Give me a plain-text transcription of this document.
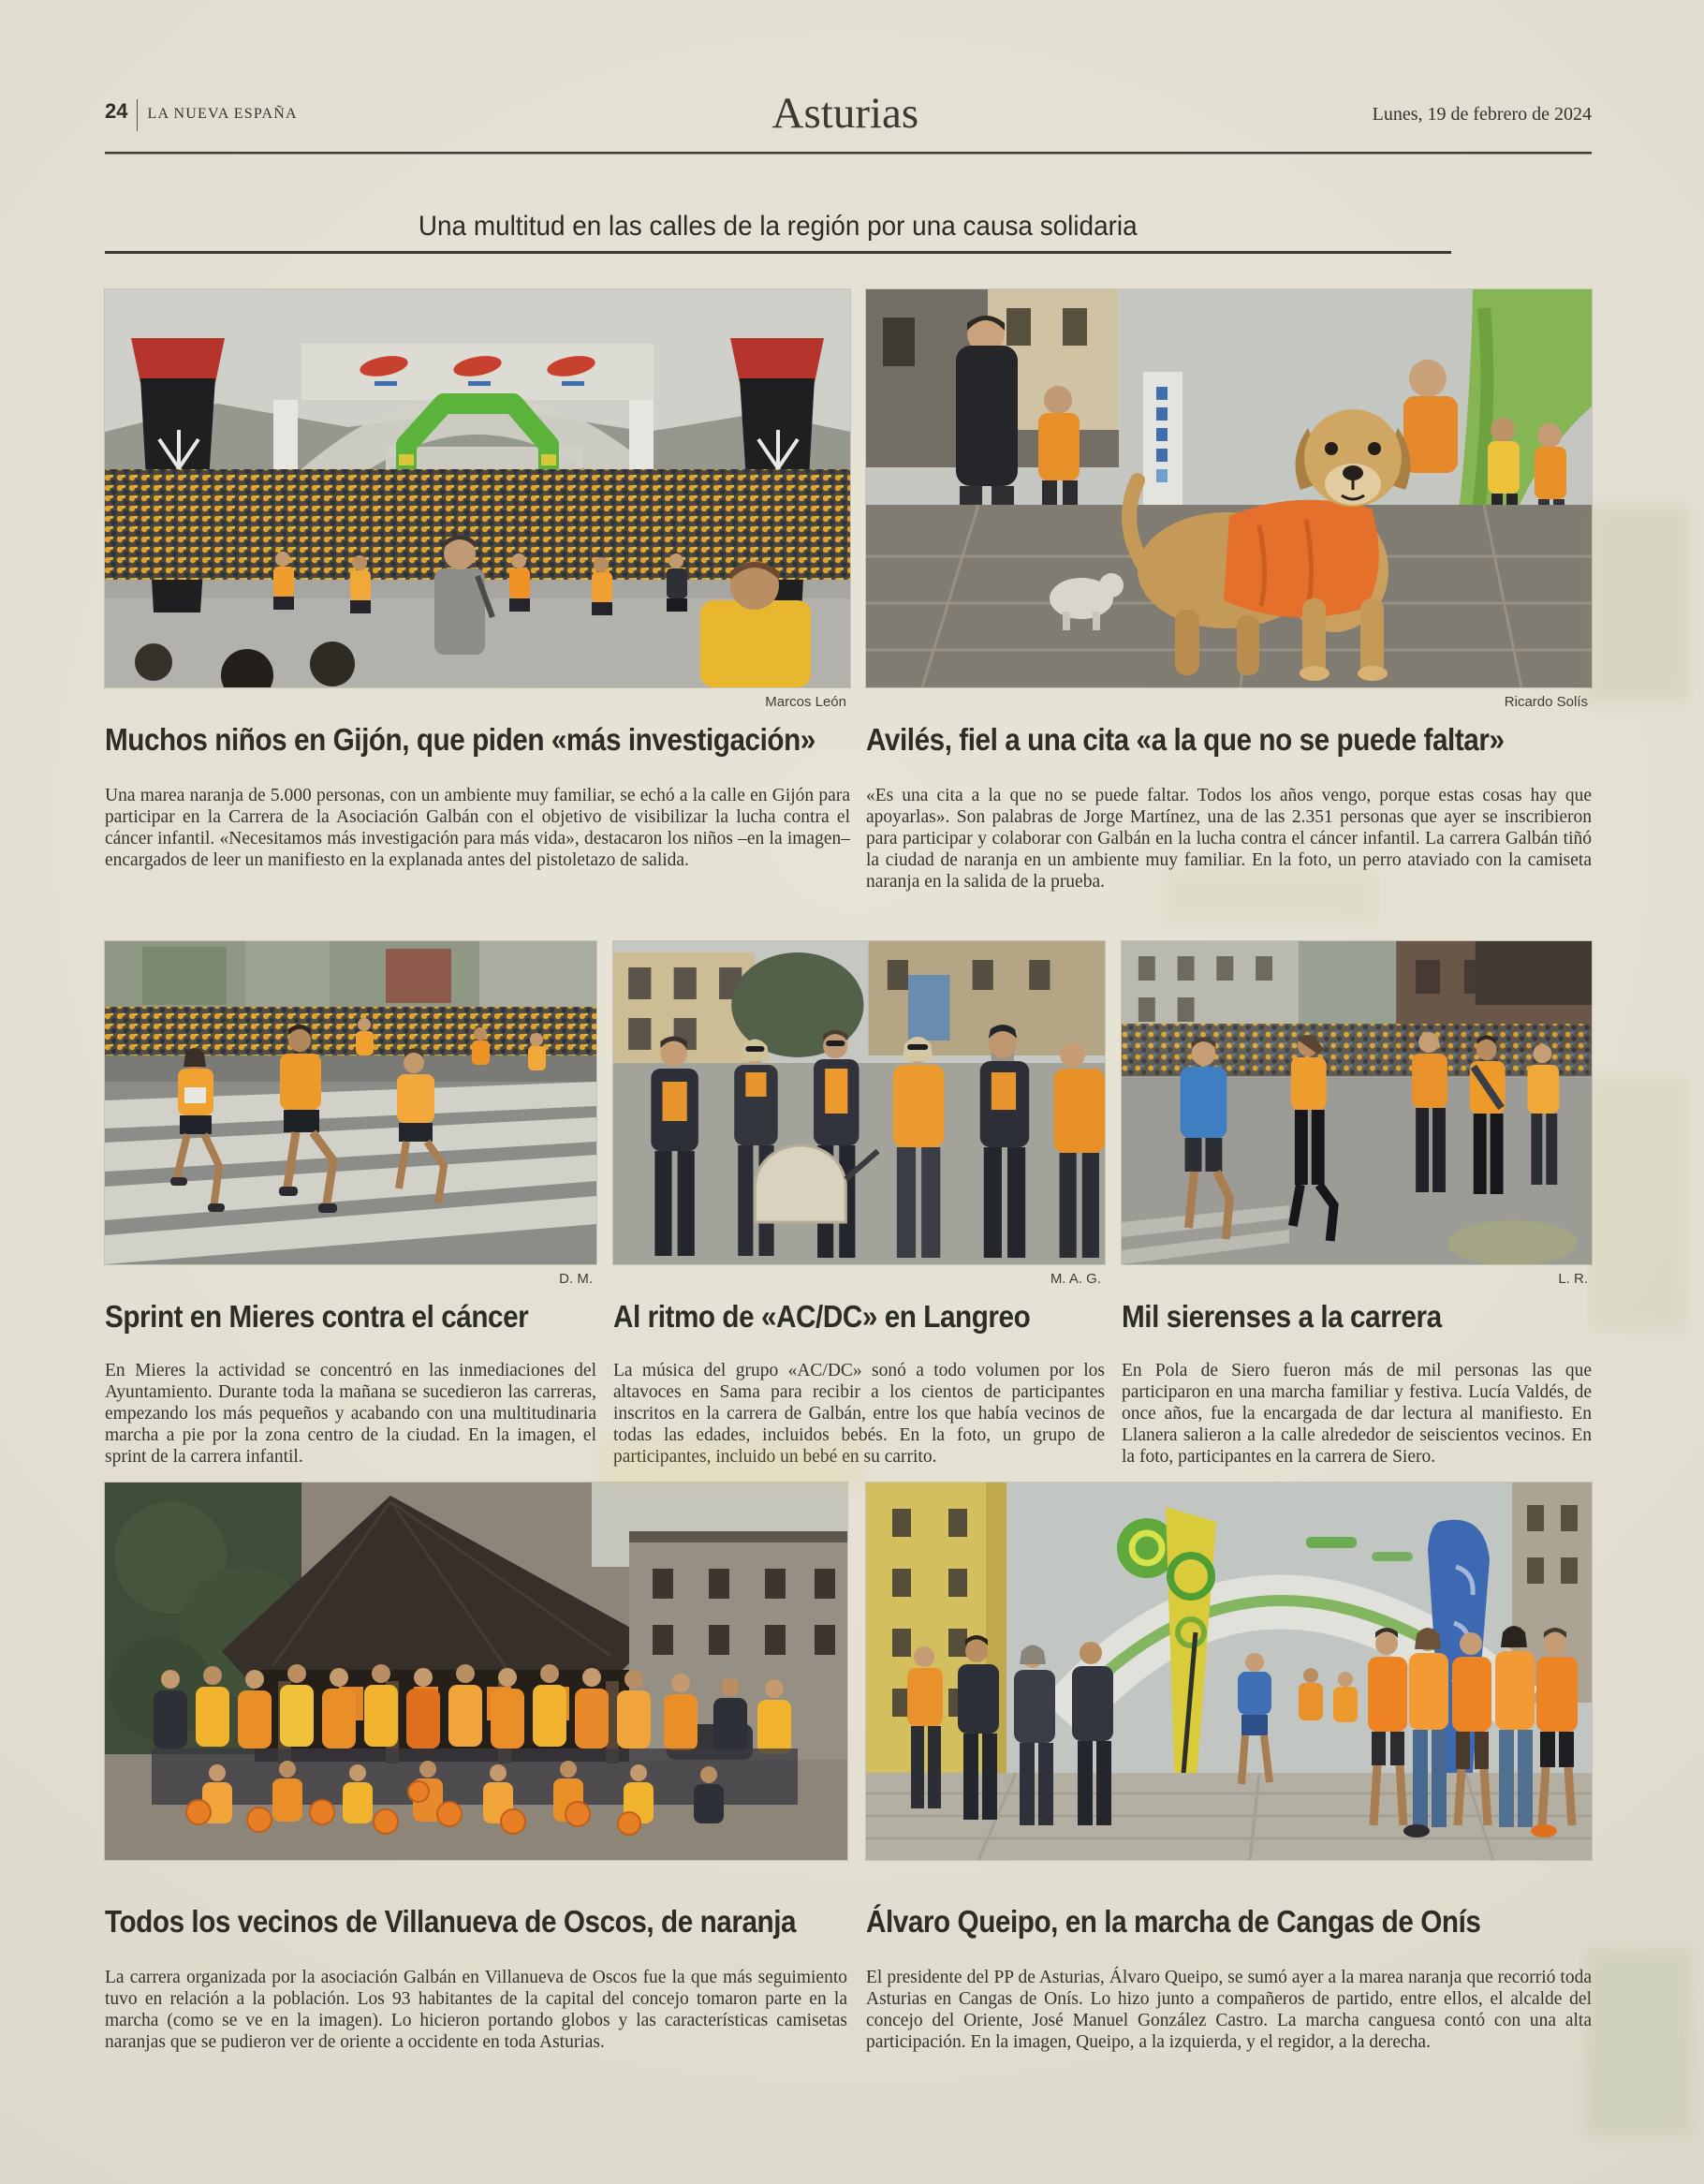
24 LA NUEVA ESPAÑA	Asturias	Lunes, 19 de febrero de 2024
Una multitud en las calles de la región por una causa solidaria
Marcos León
Muchos niños en Gijón, que piden «más investigación»

Una marea naranja de 5.000 personas, con un ambiente muy familiar, se echó a la calle en Gijón para participar en la Carrera de la Asociación Galbán con el objetivo de visibilizar la lucha contra el cáncer infantil. «Necesitamos más investigación para más vida», destacaron los niños –en la imagen– encargados de leer un manifiesto en la explanada antes del pistoletazo de salida.

Ricardo Solís
Avilés, fiel a una cita «a la que no se puede faltar»

«Es una cita a la que no se puede faltar. Todos los años vengo, porque estas cosas hay que apoyarlas». Son palabras de Jorge Martínez, una de las 2.351 personas que ayer se inscribieron para participar y colaborar con Galbán en la lucha contra el cáncer infantil. La carrera Galbán tiñó la ciudad de naranja en un ambiente muy familiar. En la foto, un perro ataviado con la camiseta naranja en la salida de la prueba.

D. M.
Sprint en Mieres contra el cáncer

En Mieres la actividad se concentró en las inmediaciones del Ayuntamiento. Durante toda la mañana se sucedieron las carreras, empezando los más pequeños y acabando con una multitudinaria marcha a pie por la zona centro de la ciudad. En la imagen, el sprint de la carrera infantil.

M. A. G.
Al ritmo de «AC/DC» en Langreo

La música del grupo «AC/DC» sonó a todo volumen por los altavoces en Sama para recibir a los cientos de participantes inscritos en la carrera de Galbán, entre los que había vecinos de todas las edades, incluidos bebés. En la foto, un grupo de participantes, incluido un bebé en su carrito.

L. R.
Mil sierenses a la carrera

En Pola de Siero fueron más de mil personas las que participaron en una marcha familiar y festiva. Lucía Valdés, de once años, fue la encargada de dar lectura al manifiesto. En Llanera salieron a la calle alrededor de seiscientos vecinos. En la foto, participantes en la carrera de Siero.

Todos los vecinos de Villanueva de Oscos, de naranja

La carrera organizada por la asociación Galbán en Villanueva de Oscos fue la que más seguimiento tuvo en relación a la población. Los 93 habitantes de la capital del concejo tomaron parte en la marcha (como se ve en la imagen). Lo hicieron portando globos y las características camisetas naranjas que se pudieron ver de oriente a occidente en toda Asturias.

Álvaro Queipo, en la marcha de Cangas de Onís

El presidente del PP de Asturias, Álvaro Queipo, se sumó ayer a la marea naranja que recorrió toda Asturias en Cangas de Onís. Lo hizo junto a compañeros de partido, entre ellos, el alcalde del concejo del Oriente, José Manuel González Castro. La marcha canguesa contó con una alta participación. En la imagen, Queipo, a la izquierda, y el regidor, a la derecha.
